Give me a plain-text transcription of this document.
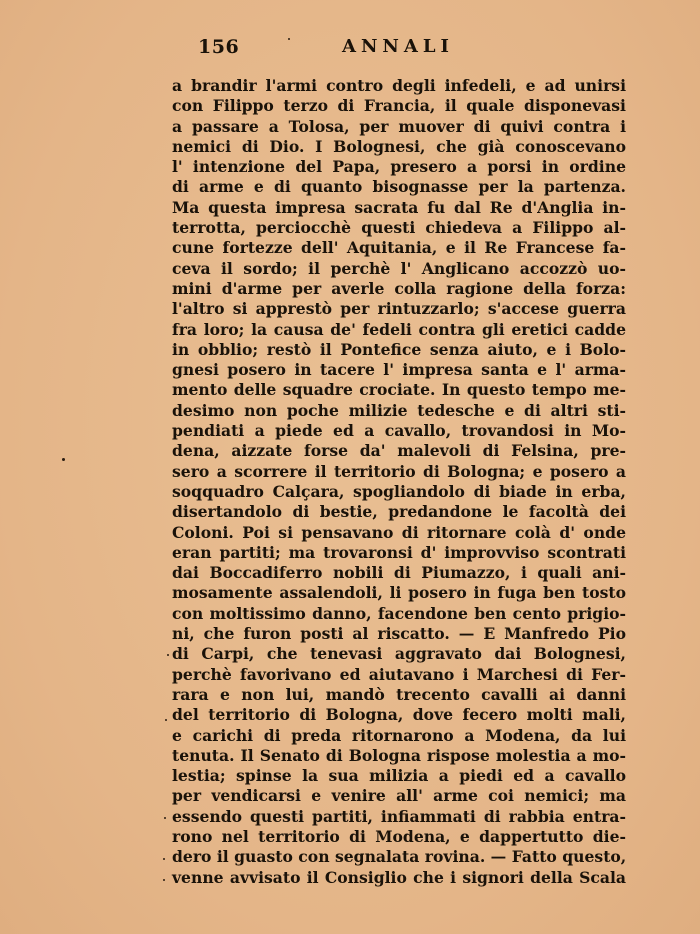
156	ANNALI
a brandir l'armi contro degli infedeli, e ad unirsi
con Filippo terzo di Francia, il quale disponevasi
a passare a Tolosa, per muover di quivi contra i
nemici di Dio. I Bolognesi, che già conoscevano
l' intenzione del Papa, presero a porsi in ordine
di arme e di quanto bisognasse per la partenza.
Ma questa impresa sacrata fu dal Re d'Anglia in-
terrotta, perciocchè questi chiedeva a Filippo al-
cune fortezze dell' Aquitania, e il Re Francese fa-
ceva il sordo; il perchè l' Anglicano accozzò uo-
mini d'arme per averle colla ragione della forza:
l'altro si apprestò per rintuzzarlo; s'accese guerra
fra loro; la causa de' fedeli contra gli eretici cadde
in obblio; restò il Pontefice senza aiuto, e i Bolo-
gnesi posero in tacere l' impresa santa e l' arma-
mento delle squadre crociate. In questo tempo me-
desimo non poche milizie tedesche e di altri sti-
pendiati a piede ed a cavallo, trovandosi in Mo-
dena, aizzate forse da' malevoli di Felsina, pre-
sero a scorrere il territorio di Bologna; e posero a
soqquadro Calçara, spogliandolo di biade in erba,
disertandolo di bestie, predandone le facoltà dei
Coloni. Poi si pensavano di ritornare colà d' onde
eran partiti; ma trovaronsi d' improvviso scontrati
dai Boccadiferro nobili di Piumazzo, i quali ani-
mosamente assalendoli, li posero in fuga ben tosto
con moltissimo danno, facendone ben cento prigio-
ni, che furon posti al riscatto. — E Manfredo Pio
di Carpi, che tenevasi aggravato dai Bolognesi,
perchè favorivano ed aiutavano i Marchesi di Fer-
rara e non lui, mandò trecento cavalli ai danni
del territorio di Bologna, dove fecero molti mali,
e carichi di preda ritornarono a Modena, da lui
tenuta. Il Senato di Bologna rispose molestia a mo-
lestia; spinse la sua milizia a piedi ed a cavallo
per vendicarsi e venire all' arme coi nemici; ma
essendo questi partiti, infiammati di rabbia entra-
rono nel territorio di Modena, e dappertutto die-
dero il guasto con segnalata rovina. — Fatto questo,
venne avvisato il Consiglio che i signori della Scala
